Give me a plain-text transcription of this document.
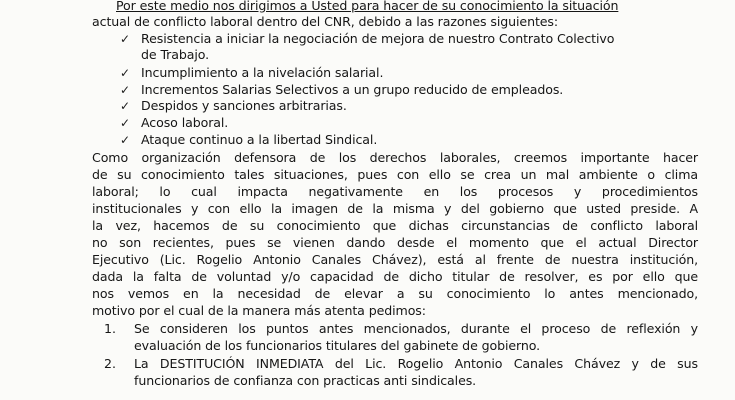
Por este medio nos dirigimos a Usted para hacer de su conocimiento la situación
actual de conflicto laboral dentro del CNR, debido a las razones siguientes:
✓ Resistencia a iniciar la negociación de mejora de nuestro Contrato Colectivo
de Trabajo.
✓ Incumplimiento a la nivelación salarial.
✓ Incrementos Salarias Selectivos a un grupo reducido de empleados.
✓ Despidos y sanciones arbitrarias.
✓ Acoso laboral.
✓ Ataque continuo a la libertad Sindical.
Como organización defensora de los derechos laborales, creemos importante hacer
de su conocimiento tales situaciones, pues con ello se crea un mal ambiente o clima
laboral; lo cual impacta negativamente en los procesos y procedimientos
institucionales y con ello la imagen de la misma y del gobierno que usted preside. A
la vez, hacemos de su conocimiento que dichas circunstancias de conflicto laboral
no son recientes, pues se vienen dando desde el momento que el actual Director
Ejecutivo (Lic. Rogelio Antonio Canales Chávez), está al frente de nuestra institución,
dada la falta de voluntad y/o capacidad de dicho titular de resolver, es por ello que
nos vemos en la necesidad de elevar a su conocimiento lo antes mencionado,
motivo por el cual de la manera más atenta pedimos:
1. Se consideren los puntos antes mencionados, durante el proceso de reflexión y
evaluación de los funcionarios titulares del gabinete de gobierno.
2. La DESTITUCIÓN INMEDIATA del Lic. Rogelio Antonio Canales Chávez y de sus
funcionarios de confianza con practicas anti sindicales.
